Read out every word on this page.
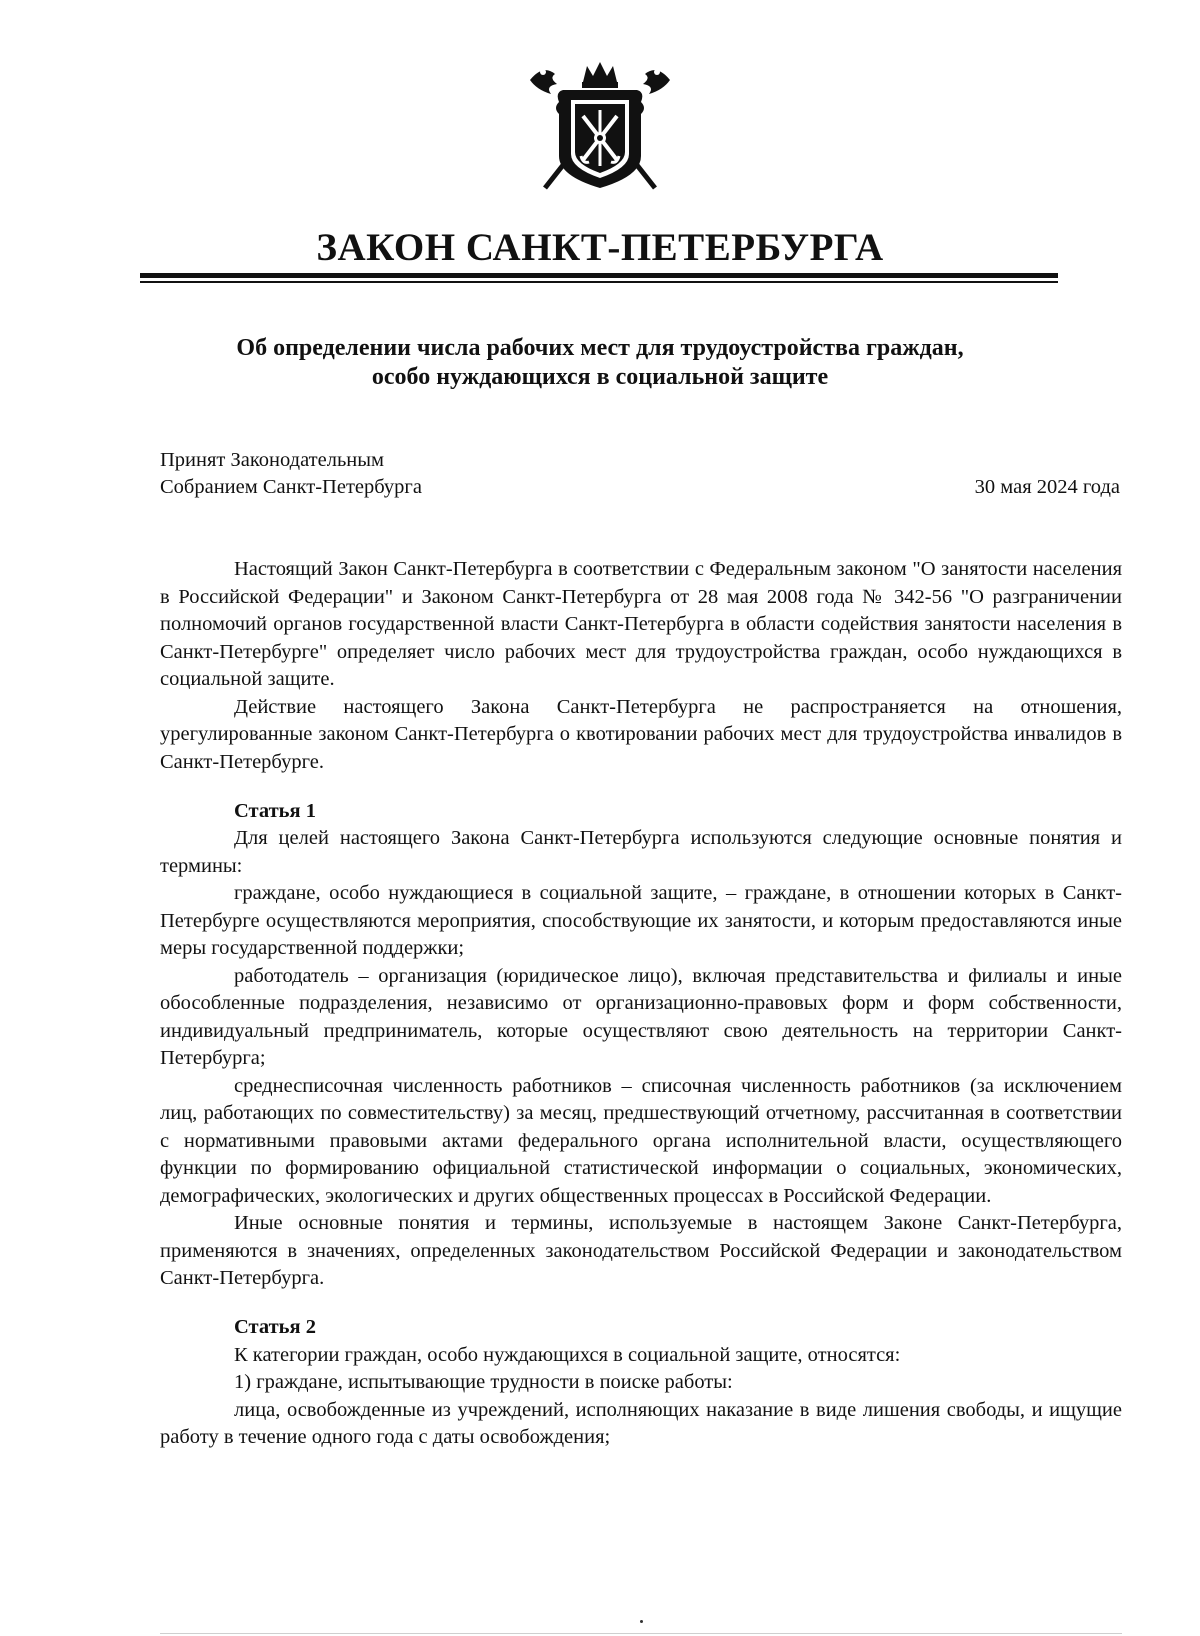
ЗАКОН САНКТ-ПЕТЕРБУРГА
Об определении числа рабочих мест для трудоустройства граждан,
особо нуждающихся в социальной защите
Принят Законодательным
Собранием Санкт-Петербурга	30 мая 2024 года

Настоящий Закон Санкт-Петербурга в соответствии с Федеральным законом "О занятости населения в Российской Федерации" и Законом Санкт-Петербурга от 28 мая 2008 года № 342-56 "О разграничении полномочий органов государственной власти Санкт-Петербурга в области содействия занятости населения в Санкт-Петербурге" определяет число рабочих мест для трудоустройства граждан, особо нуждающихся в социальной защите.

Действие настоящего Закона Санкт-Петербурга не распространяется на отношения, урегулированные законом Санкт-Петербурга о квотировании рабочих мест для трудоустройства инвалидов в Санкт-Петербурге.

Статья 1

Для целей настоящего Закона Санкт-Петербурга используются следующие основные понятия и термины:

граждане, особо нуждающиеся в социальной защите, – граждане, в отношении которых в Санкт-Петербурге осуществляются мероприятия, способствующие их занятости, и которым предоставляются иные меры государственной поддержки;

работодатель – организация (юридическое лицо), включая представительства и филиалы и иные обособленные подразделения, независимо от организационно-правовых форм и форм собственности, индивидуальный предприниматель, которые осуществляют свою деятельность на территории Санкт-Петербурга;

среднесписочная численность работников – списочная численность работников (за исключением лиц, работающих по совместительству) за месяц, предшествующий отчетному, рассчитанная в соответствии с нормативными правовыми актами федерального органа исполнительной власти, осуществляющего функции по формированию официальной статистической информации о социальных, экономических, демографических, экологических и других общественных процессах в Российской Федерации.

Иные основные понятия и термины, используемые в настоящем Законе Санкт-Петербурга, применяются в значениях, определенных законодательством Российской Федерации и законодательством Санкт-Петербурга.

Статья 2

К категории граждан, особо нуждающихся в социальной защите, относятся:

1) граждане, испытывающие трудности в поиске работы:

лица, освобожденные из учреждений, исполняющих наказание в виде лишения свободы, и ищущие работу в течение одного года с даты освобождения;
